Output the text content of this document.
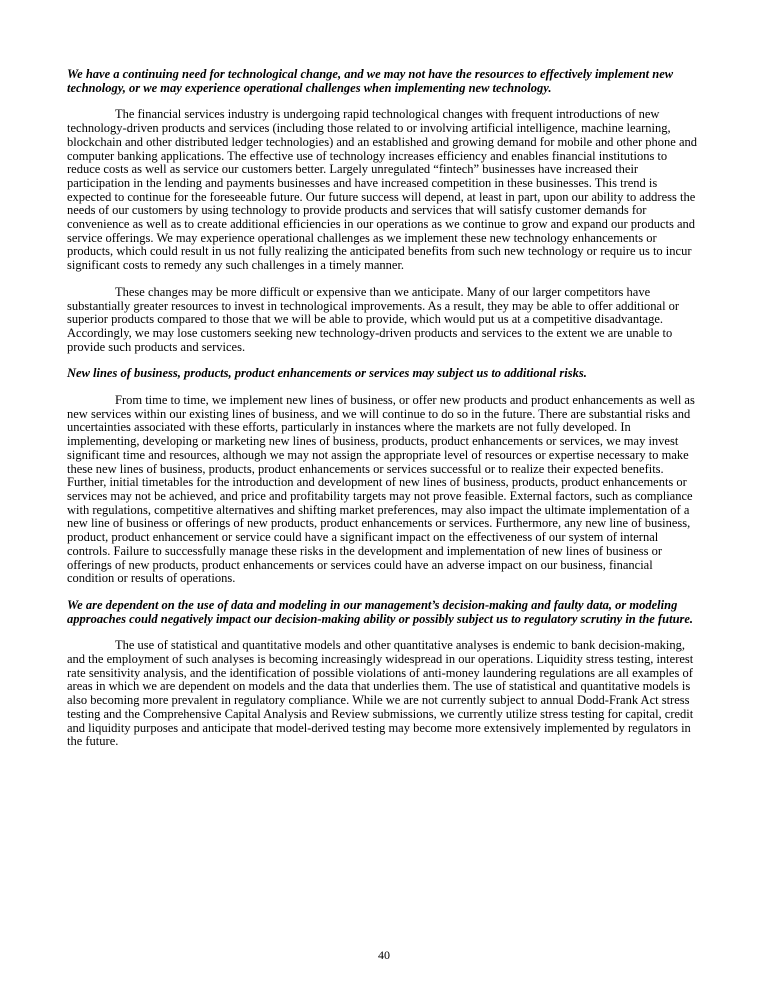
We have a continuing need for technological change, and we may not have the resources to effectively implement new technology, or we may experience operational challenges when implementing new technology.
The financial services industry is undergoing rapid technological changes with frequent introductions of new technology-driven products and services (including those related to or involving artificial intelligence, machine learning, blockchain and other distributed ledger technologies) and an established and growing demand for mobile and other phone and computer banking applications. The effective use of technology increases efficiency and enables financial institutions to reduce costs as well as service our customers better. Largely unregulated “fintech” businesses have increased their participation in the lending and payments businesses and have increased competition in these businesses. This trend is expected to continue for the foreseeable future. Our future success will depend, at least in part, upon our ability to address the needs of our customers by using technology to provide products and services that will satisfy customer demands for convenience as well as to create additional efficiencies in our operations as we continue to grow and expand our products and service offerings. We may experience operational challenges as we implement these new technology enhancements or products, which could result in us not fully realizing the anticipated benefits from such new technology or require us to incur significant costs to remedy any such challenges in a timely manner.
These changes may be more difficult or expensive than we anticipate. Many of our larger competitors have substantially greater resources to invest in technological improvements. As a result, they may be able to offer additional or superior products compared to those that we will be able to provide, which would put us at a competitive disadvantage. Accordingly, we may lose customers seeking new technology-driven products and services to the extent we are unable to provide such products and services.
New lines of business, products, product enhancements or services may subject us to additional risks.
From time to time, we implement new lines of business, or offer new products and product enhancements as well as new services within our existing lines of business, and we will continue to do so in the future. There are substantial risks and uncertainties associated with these efforts, particularly in instances where the markets are not fully developed. In implementing, developing or marketing new lines of business, products, product enhancements or services, we may invest significant time and resources, although we may not assign the appropriate level of resources or expertise necessary to make these new lines of business, products, product enhancements or services successful or to realize their expected benefits. Further, initial timetables for the introduction and development of new lines of business, products, product enhancements or services may not be achieved, and price and profitability targets may not prove feasible. External factors, such as compliance with regulations, competitive alternatives and shifting market preferences, may also impact the ultimate implementation of a new line of business or offerings of new products, product enhancements or services. Furthermore, any new line of business, product, product enhancement or service could have a significant impact on the effectiveness of our system of internal controls. Failure to successfully manage these risks in the development and implementation of new lines of business or offerings of new products, product enhancements or services could have an adverse impact on our business, financial condition or results of operations.
We are dependent on the use of data and modeling in our management’s decision-making and faulty data, or modeling approaches could negatively impact our decision-making ability or possibly subject us to regulatory scrutiny in the future.
The use of statistical and quantitative models and other quantitative analyses is endemic to bank decision-making, and the employment of such analyses is becoming increasingly widespread in our operations. Liquidity stress testing, interest rate sensitivity analysis, and the identification of possible violations of anti-money laundering regulations are all examples of areas in which we are dependent on models and the data that underlies them. The use of statistical and quantitative models is also becoming more prevalent in regulatory compliance. While we are not currently subject to annual Dodd-Frank Act stress testing and the Comprehensive Capital Analysis and Review submissions, we currently utilize stress testing for capital, credit and liquidity purposes and anticipate that model-derived testing may become more extensively implemented by regulators in the future.
40
